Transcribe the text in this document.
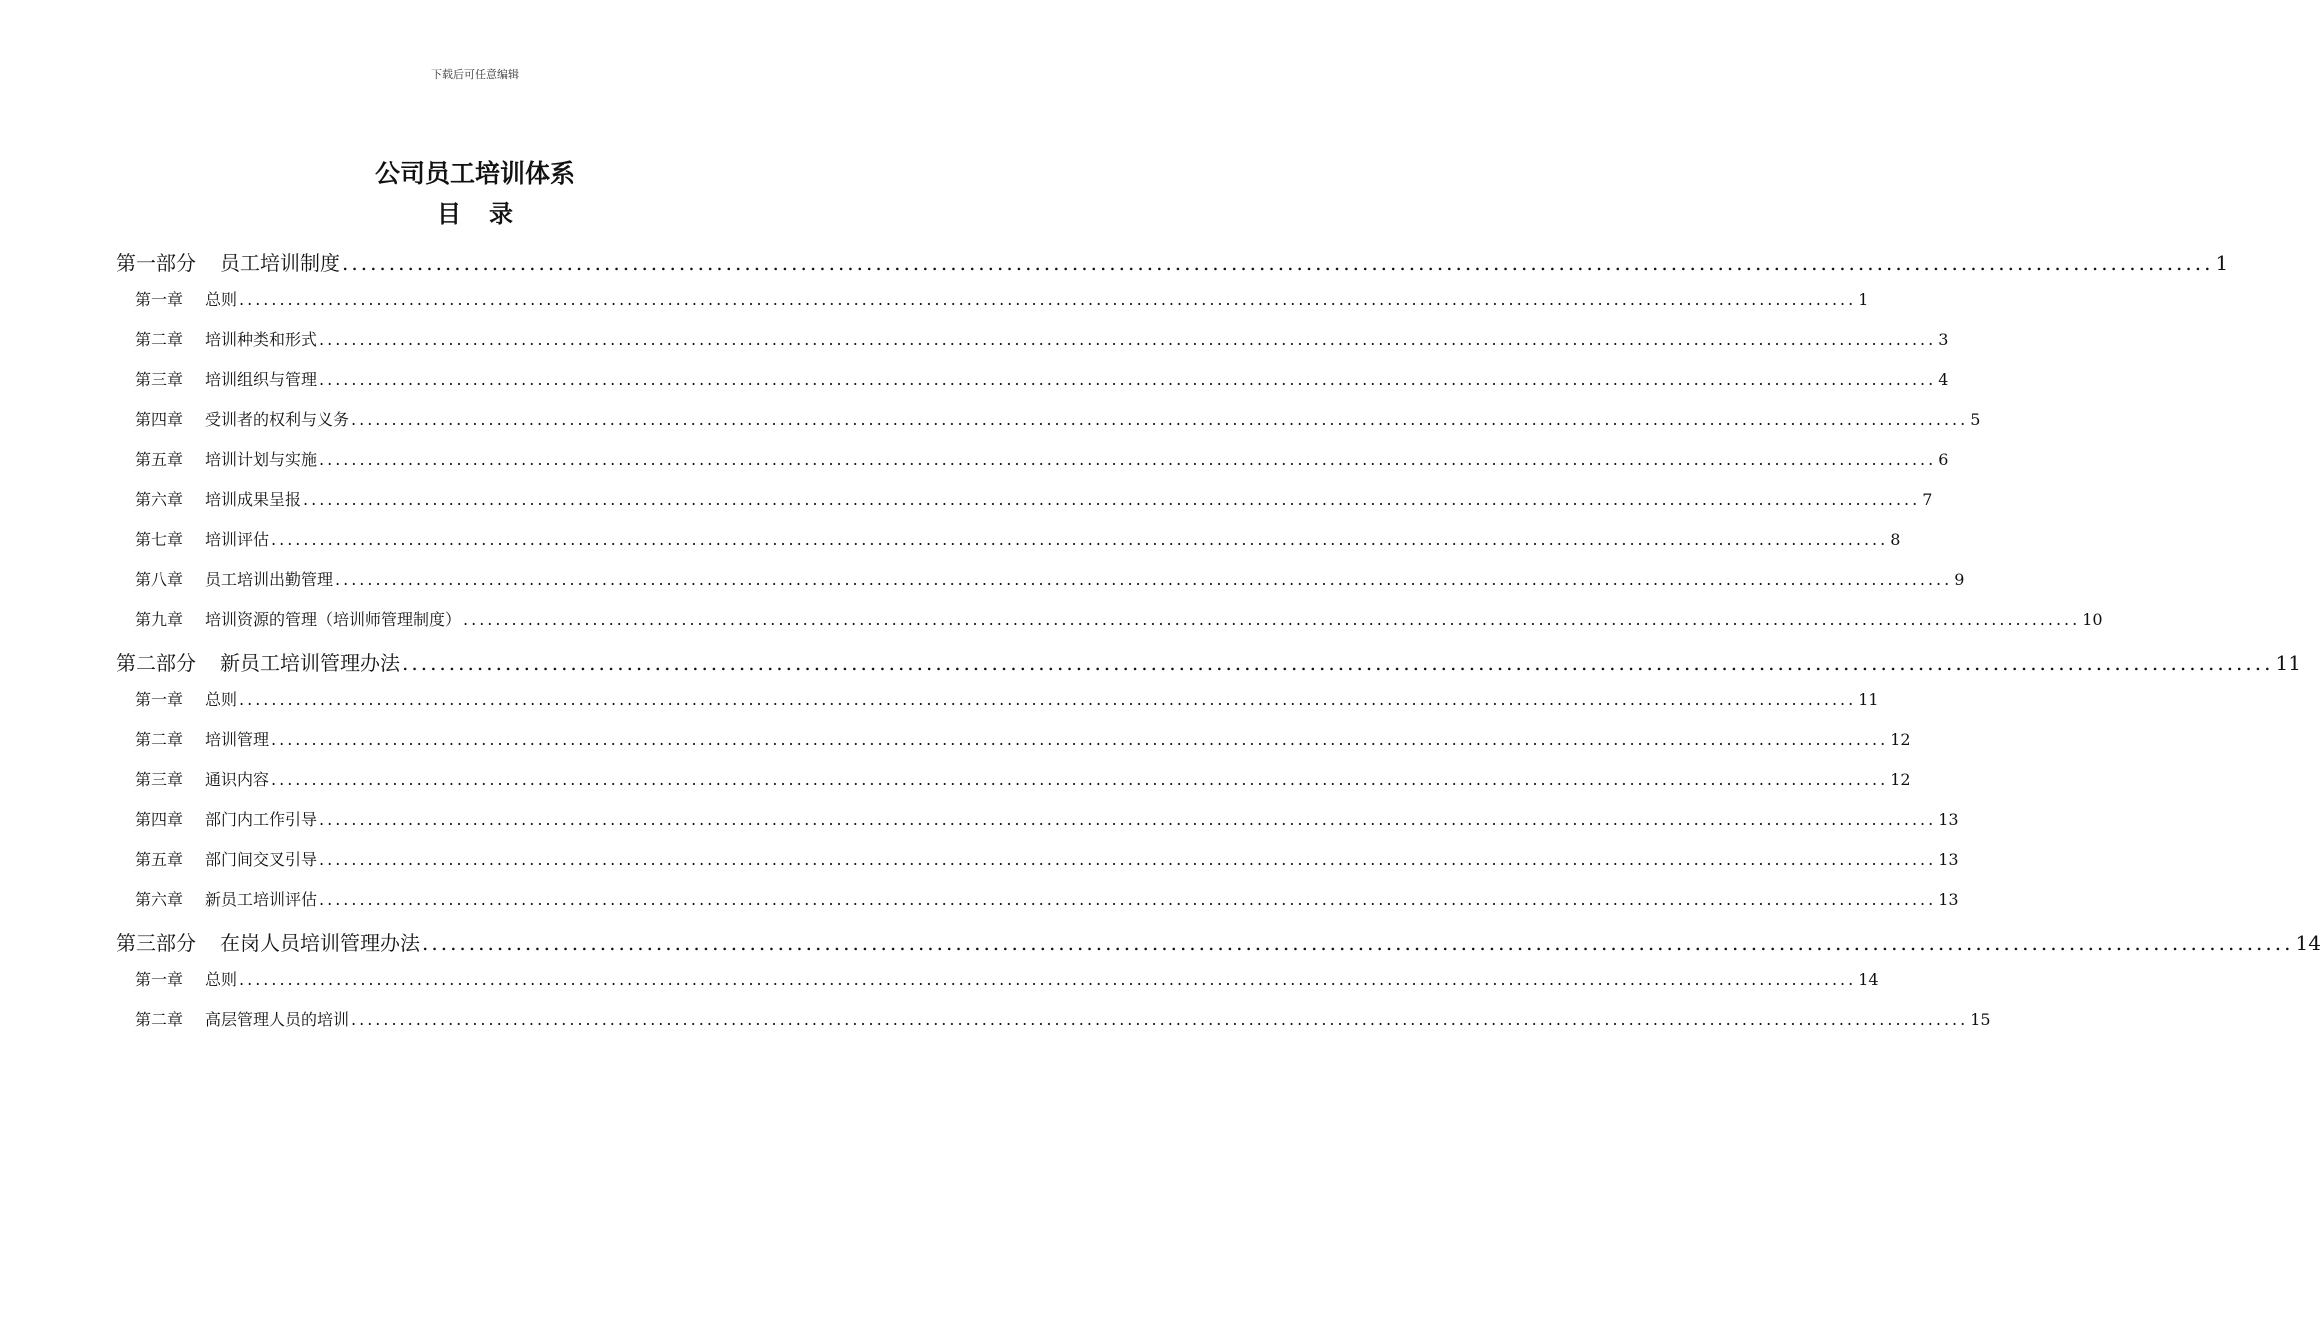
下载后可任意编辑
公司员工培训体系
目录
第一部分 员工培训制度 ........................................................................................................................................................................................................ 1
第一章 总则 ........................................................................................................................................................................................................ 1
第二章 培训种类和形式 ........................................................................................................................................................................................................ 3
第三章 培训组织与管理 ........................................................................................................................................................................................................ 4
第四章 受训者的权利与义务 ........................................................................................................................................................................................................ 5
第五章 培训计划与实施 ........................................................................................................................................................................................................ 6
第六章 培训成果呈报 ........................................................................................................................................................................................................ 7
第七章 培训评估 ........................................................................................................................................................................................................ 8
第八章 员工培训出勤管理 ........................................................................................................................................................................................................ 9
第九章 培训资源的管理（培训师管理制度） ........................................................................................................................................................................................................ 10
第二部分 新员工培训管理办法 ........................................................................................................................................................................................................ 11
第一章 总则 ........................................................................................................................................................................................................ 11
第二章 培训管理 ........................................................................................................................................................................................................ 12
第三章 通识内容 ........................................................................................................................................................................................................ 12
第四章 部门内工作引导 ........................................................................................................................................................................................................ 13
第五章 部门间交叉引导 ........................................................................................................................................................................................................ 13
第六章 新员工培训评估 ........................................................................................................................................................................................................ 13
第三部分 在岗人员培训管理办法 ........................................................................................................................................................................................................ 14
第一章 总则 ........................................................................................................................................................................................................ 14
第二章 高层管理人员的培训 ........................................................................................................................................................................................................ 15
